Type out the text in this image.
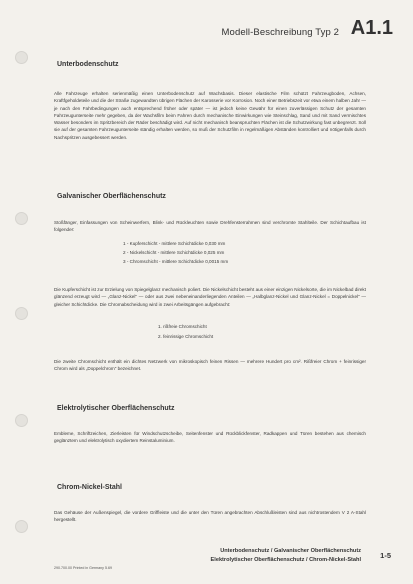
Modell-Beschreibung Typ 2 A1.1
Unterbodenschutz
Alle Fahrzeuge erhalten serienmäßig einen Unterbodenschutz auf Wachsbasis. Dieser elastische Film schützt Fahrzeugboden, Achsen, Kraftfgeholdeteile und die der Straße zugewandten übrigen Flächen der Karosserie vor Korrosion. Noch einer Betriebszeit vor etwa einem halben Jahr — je nach den Fahrbedingungen auch entsprechend früher oder später — ist jedoch keine Gewähr für einen zuverlässigen Schutz der gesamten Fahrzeugunterseite mehr gegeben, da der Wachsfilm beim Fahren durch mechanische Einwirkungen wie Steinschlag, Sand und mit Sand vermischtes Wasser besonders im Spritzbereich der Räder beschädigt wird. Auf nicht mechanisch beanspruchten Flächen ist die Schutzwirkung fast unbegrenzt. Soll sie auf der gesamten Fahrzeugunterseite ständig erhalten werden, so muß der Schutzfilm in regelmäßigen Abständen kontrolliert und nötigenfalls durch Nachspritzen ausgebessert werden.
Galvanischer Oberflächenschutz
Stoßfänger, Einfassungen von Scheinwerfern, Blink- und Rückleuchten sowie Drehfensterrahmen sind verchromte Stahlteile. Der Schichtaufbau ist folgender:
1 - Kupferschicht - mittlere Schichtdicke 0,030 mm
2 - Nickelschicht - mittlere Schichtdicke 0,025 mm
3 - Chromschicht - mittlere Schichtdicke 0,0015 mm
Die Kupferschicht ist zur Erzielung von Spiegelglanz mechanisch poliert. Die Nickelschicht besteht aus einer einzigen Nickelsorte, die im Nickelbad direkt glänzend erzeugt wird — „Glanz-Nickel" — oder aus zwei nebeneinanderliegenden Anteilen — „Halbglanz-Nickel und Glanz-Nickel = Doppelnickel" — gleicher Schichtdicke. Die Chromabscheidung wird in zwei Arbeitsgängen aufgebracht:
1. rißfreie Chromschicht
2. feinrissige Chromschicht
Die zweite Chromschicht enthält ein dichtes Netzwerk von mikroskopisch feinen Rissen — mehrere Hundert pro cm². Rißfreier Chrom + feinrissiger Chrom wird als „Doppelchrom" bezeichnet.
Elektrolytischer Oberflächenschutz
Embleme, Schriftzeichen, Zierleisten für Windschutzscheibe, Seitenfenster und Rückblickfenster, Radkappen und Türen bestehen aus chemisch geglänztem und elektrolytisch oxydiertem Reinstaluminium.
Chrom-Nickel-Stahl
Das Gehäuse der Außenspiegel, die vordere Griffleiste und die unter den Türen angebrachten Abschlußleisten sind aus nichtrostendem V 2 A-Stahl hergestellt.
Unterbodenschutz / Galvanischer Oberflächenschutz
Elektrolytischer Oberflächenschutz / Chrom-Nickel-Stahl	1-5
290.700.00 Printed in Germany 5.69
